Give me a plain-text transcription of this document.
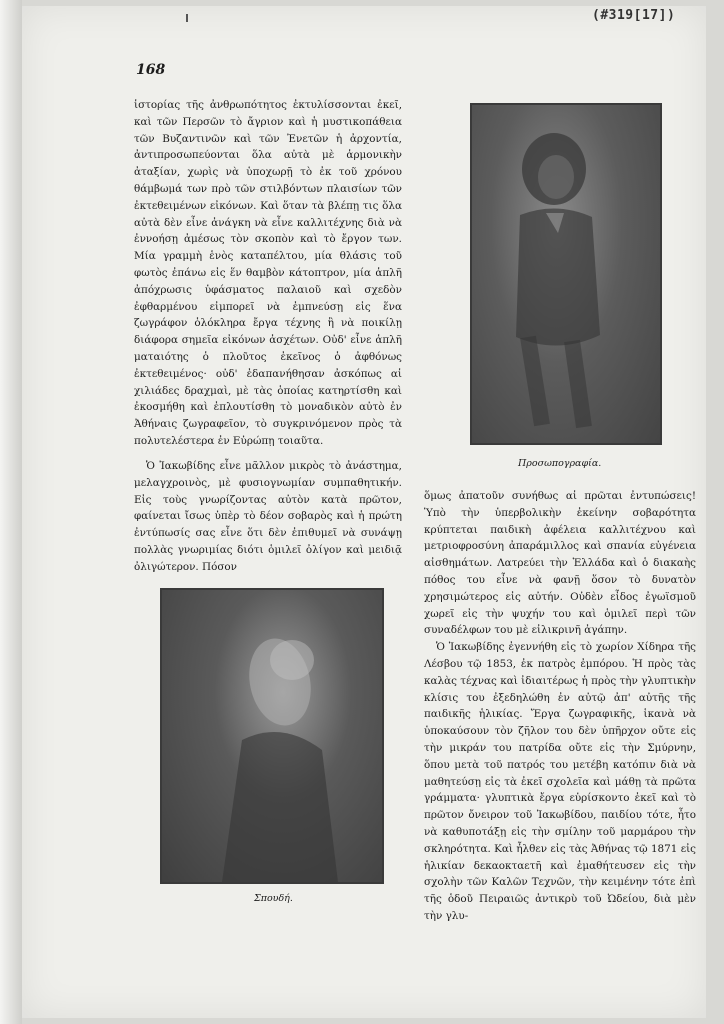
(#319[17])
168

ἱστορίας τῆς ἀνθρωπότητος ἐκτυλίσσονται ἐκεῖ, καὶ τῶν Περσῶν τὸ ἄγριον καὶ ἡ μυστικοπάθεια τῶν Βυζαντινῶν καὶ τῶν Ἐνετῶν ἡ ἀρχοντία, ἀντιπροσωπεύονται ὅλα αὐτὰ μὲ ἁρμονικὴν ἀταξίαν, χωρὶς νὰ ὑποχωρῇ τὸ ἐκ τοῦ χρόνου θάμβωμά των πρὸ τῶν στιλβόντων πλαισίων τῶν ἐκτεθειμένων εἰκόνων. Καὶ ὅταν τὰ βλέπῃ τις ὅλα αὐτὰ δὲν εἶνε ἀνάγκη νὰ εἶνε καλλιτέχνης διὰ νὰ ἐννοήσῃ ἀμέσως τὸν σκοπὸν καὶ τὸ ἔργον των. Μία γραμμὴ ἑνὸς καταπέλτου, μία θλάσις τοῦ φωτὸς ἐπάνω εἰς ἕν θαμβὸν κάτοπτρον, μία ἁπλῆ ἀπόχρωσις ὑφάσματος παλαιοῦ καὶ σχεδὸν ἐφθαρμένου εἰμπορεῖ νὰ ἐμπνεύσῃ εἰς ἕνα ζωγράφον ὁλόκληρα ἔργα τέχνης ἢ νὰ ποικίλῃ διάφορα σημεῖα εἰκόνων ἀσχέτων. Οὐδ' εἶνε ἁπλῆ ματαιότης ὁ πλοῦτος ἐκεῖνος ὁ ἀφθόνως ἐκτεθειμένος· οὐδ' ἐδαπανήθησαν ἀσκόπως αἱ χιλιάδες δραχμαὶ, μὲ τὰς ὁποίας κατηρτίσθη καὶ ἐκοσμήθη καὶ ἐπλουτίσθη τὸ μοναδικὸν αὐτὸ ἐν Ἀθήναις ζωγραφεῖον, τὸ συγκρινόμενον πρὸς τὰ πολυτελέστερα ἐν Εὐρώπῃ τοιαῦτα.

Ὁ Ἰακωβίδης εἶνε μᾶλλον μικρὸς τὸ ἀνάστημα, μελαγχροινὸς, μὲ φυσιογνωμίαν συμπαθητικήν. Εἰς τοὺς γνωρίζοντας αὐτὸν κατὰ πρῶτον, φαίνεται ἴσως ὑπὲρ τὸ δέον σοβαρὸς καὶ ἡ πρώτη ἐντύπωσίς σας εἶνε ὅτι δὲν ἐπιθυμεῖ νὰ συνάψῃ πολλὰς γνωριμίας διότι ὁμιλεῖ ὀλίγον καὶ μειδιᾷ ὀλιγώτερον. Πόσον

Προσωπογραφία.
Σπουδή.

ὅμως ἀπατοῦν συνήθως αἱ πρῶται ἐντυπώσεις! Ὑπὸ τὴν ὑπερβολικὴν ἐκείνην σοβαρότητα κρύπτεται παιδικὴ ἀφέλεια καλλιτέχνου καὶ μετριοφροσύνη ἀπαράμιλλος καὶ σπανία εὐγένεια αἰσθημάτων. Λατρεύει τὴν Ἑλλάδα καὶ ὁ διακαὴς πόθος του εἶνε νὰ φανῇ ὅσον τὸ δυνατὸν χρησιμώτερος εἰς αὐτήν. Οὐδὲν εἶδος ἐγωϊσμοῦ χωρεῖ εἰς τὴν ψυχήν του καὶ ὁμιλεῖ περὶ τῶν συναδέλφων του μὲ εἰλικρινῆ ἀγάπην.

Ὁ Ἰακωβίδης ἐγεννήθη εἰς τὸ χωρίον Χίδηρα τῆς Λέσβου τῷ 1853, ἐκ πατρὸς ἐμπόρου. Ἡ πρὸς τὰς καλὰς τέχνας καὶ ἰδιαιτέρως ἡ πρὸς τὴν γλυπτικὴν κλίσις του ἐξεδηλώθη ἐν αὐτῷ ἀπ' αὐτῆς τῆς παιδικῆς ἡλικίας. Ἔργα ζωγραφικῆς, ἱκανὰ νὰ ὑποκαύσουν τὸν ζῆλον του δὲν ὑπῆρχον οὔτε εἰς τὴν μικράν του πατρίδα οὔτε εἰς τὴν Σμύρνην, ὅπου μετὰ τοῦ πατρός του μετέβη κατόπιν διὰ νὰ μαθητεύσῃ εἰς τὰ ἐκεῖ σχολεῖα καὶ μάθῃ τὰ πρῶτα γράμματα· γλυπτικὰ ἔργα εὑρίσκοντο ἐκεῖ καὶ τὸ πρῶτον ὄνειρον τοῦ Ἰακωβίδου, παιδίου τότε, ἦτο νὰ καθυποτάξῃ εἰς τὴν σμίλην τοῦ μαρμάρου τὴν σκληρότητα. Καὶ ἦλθεν εἰς τὰς Ἀθήνας τῷ 1871 εἰς ἡλικίαν δεκαοκταετῆ καὶ ἐμαθήτευσεν εἰς τὴν σχολὴν τῶν Καλῶν Τεχνῶν, τὴν κειμένην τότε ἐπὶ τῆς ὁδοῦ Πειραιῶς ἀντικρὺ τοῦ Ὠδείου, διὰ μὲν τὴν γλυ-
